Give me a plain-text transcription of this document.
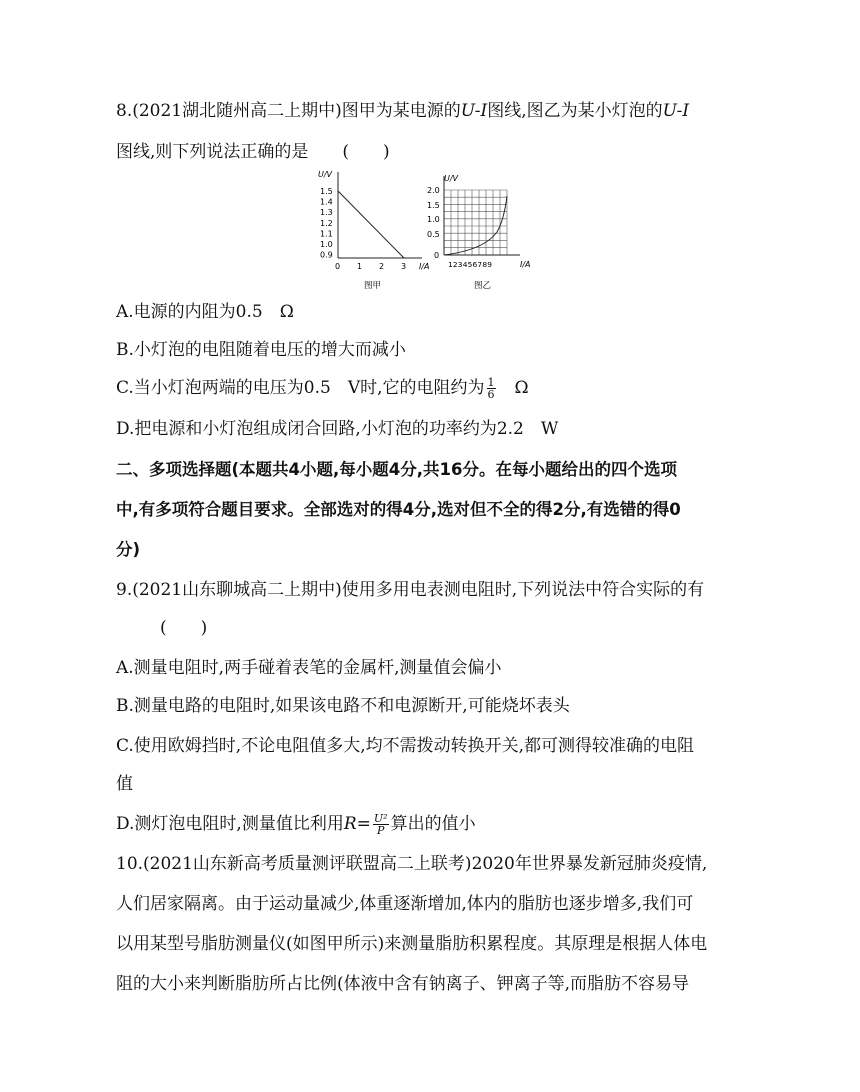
8.(2021湖北随州高二上期中)图甲为某电源的U-I图线,图乙为某小灯泡的U-I
图线,则下列说法正确的是　　(　　)
U/V
I/A
1.5
1.4
1.3
1.2
1.1
1.0
0.9
0 1 2 3
图甲
U/V
2.0
1.5
1.0
0.5
0
123456789	I/A
图乙
A.电源的内阻为0.5　Ω
B.小灯泡的电阻随着电压的增大而减小
C.当小灯泡两端的电压为0.5　V时,它的电阻约为 $\frac{1}{6}$ 　Ω
D.把电源和小灯泡组成闭合回路,小灯泡的功率约为2.2　W
二、多项选择题(本题共4小题,每小题4分,共16分。在每小题给出的四个选项
中,有多项符合题目要求。全部选对的得4分,选对但不全的得2分,有选错的得0
分)
9.(2021山东聊城高二上期中)使用多用电表测电阻时,下列说法中符合实际的有
(　　)
A.测量电阻时,两手碰着表笔的金属杆,测量值会偏小
B.测量电路的电阻时,如果该电路不和电源断开,可能烧坏表头
C.使用欧姆挡时,不论电阻值多大,均不需拨动转换开关,都可测得较准确的电阻
值
D.测灯泡电阻时,测量值比利用$R= \frac{\text{U²}}{P}$ 算出的值小
10.(2021山东新高考质量测评联盟高二上联考)2020年世界暴发新冠肺炎疫情,
人们居家隔离。由于运动量减少,体重逐渐增加,体内的脂肪也逐步增多,我们可
以用某型号脂肪测量仪(如图甲所示)来测量脂肪积累程度。其原理是根据人体电
阻的大小来判断脂肪所占比例(体液中含有钠离子、钾离子等,而脂肪不容易导
